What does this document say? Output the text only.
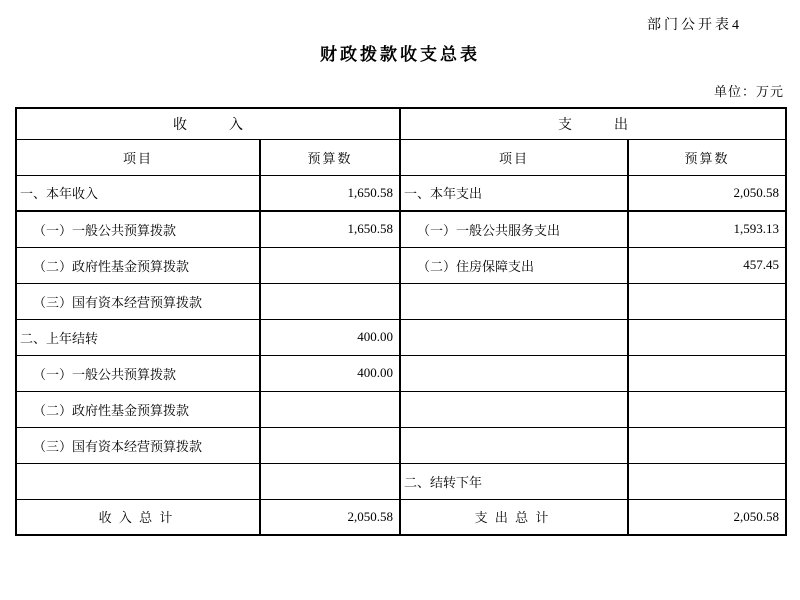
部门公开表4
财政拨款收支总表
单位：万元
收　　　入		支　　　出	
项目	预算数	项目	预算数
一、本年收入	1,650.58	一、本年支出	2,050.58
（一）一般公共预算拨款	1,650.58	（一）一般公共服务支出	1,593.13
（二）政府性基金预算拨款		（二）住房保障支出	457.45
（三）国有资本经营预算拨款			
二、上年结转	400.00		
（一）一般公共预算拨款	400.00		
（二）政府性基金预算拨款			
（三）国有资本经营预算拨款			
		二、结转下年	
收 入 总 计	2,050.58	支 出 总 计	2,050.58
